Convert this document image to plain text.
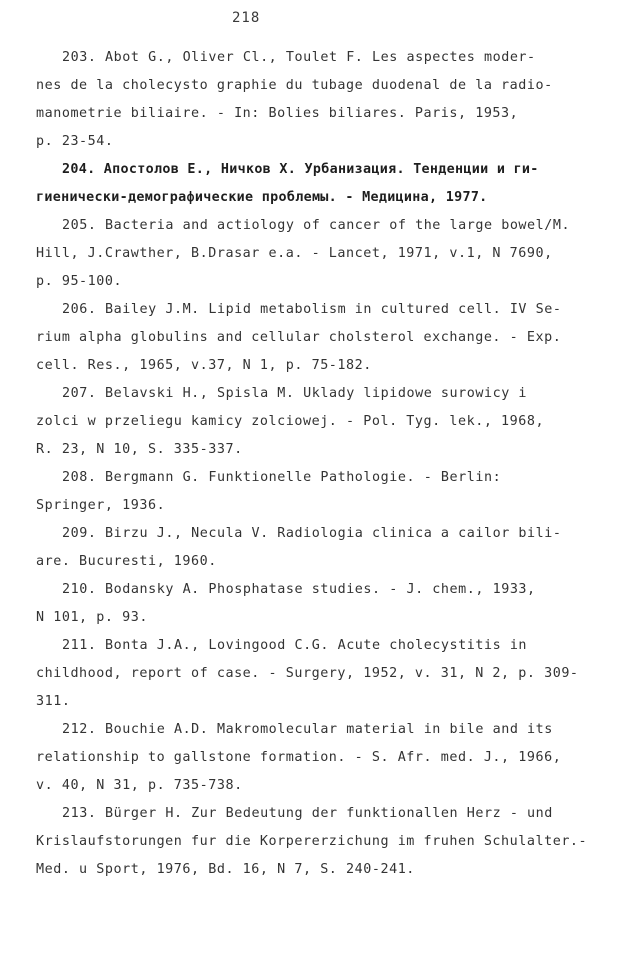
218
203. Abot G., Oliver Cl., Toulet F. Les aspectes moder-
nes de la cholecysto graphie du tubage duodenal de la radio-
manometrie biliaire. - In: Bolies biliares. Paris, 1953,
p. 23-54.
204. Апостолов Е., Ничков Х. Урбанизация. Тенденции и ги-
гиенически-демографические проблемы. - Медицина, 1977.
205. Bacteria and actiology of cancer of the large bowel/M.
Hill, J.Crawther, B.Drasar e.a. - Lancet, 1971, v.1, N 7690,
p. 95-100.
206. Bailey J.M. Lipid metabolism in cultured cell. IV Se-
rium alpha globulins and cellular cholsterol exchange. - Exp.
cell. Res., 1965, v.37, N 1, p. 75-182.
207. Belavski H., Spisla M. Uklady lipidowe surowicy i
zolci w przeliegu kamicy zolciowej. - Pol. Tyg. lek., 1968,
R. 23, N 10, S. 335-337.
208. Bergmann G. Funktionelle Pathologie. - Berlin:
Springer, 1936.
209. Birzu J., Necula V. Radiologia clinica a cailor bili-
are. Bucuresti, 1960.
210. Bodansky A. Phosphatase studies. - J. chem., 1933,
N 101, p. 93.
211. Bonta J.A., Lovingood C.G. Acute cholecystitis in
childhood, report of case. - Surgery, 1952, v. 31, N 2, p. 309-
311.
212. Bouchie A.D. Makromolecular material in bile and its
relationship to gallstone formation. - S. Afr. med. J., 1966,
v. 40, N 31, p. 735-738.
213. Bürger H. Zur Bedeutung der funktionallen Herz - und
Krislaufstorungen fur die Korpererzichung im fruhen Schulalter.-
Med. u Sport, 1976, Bd. 16, N 7, S. 240-241.
